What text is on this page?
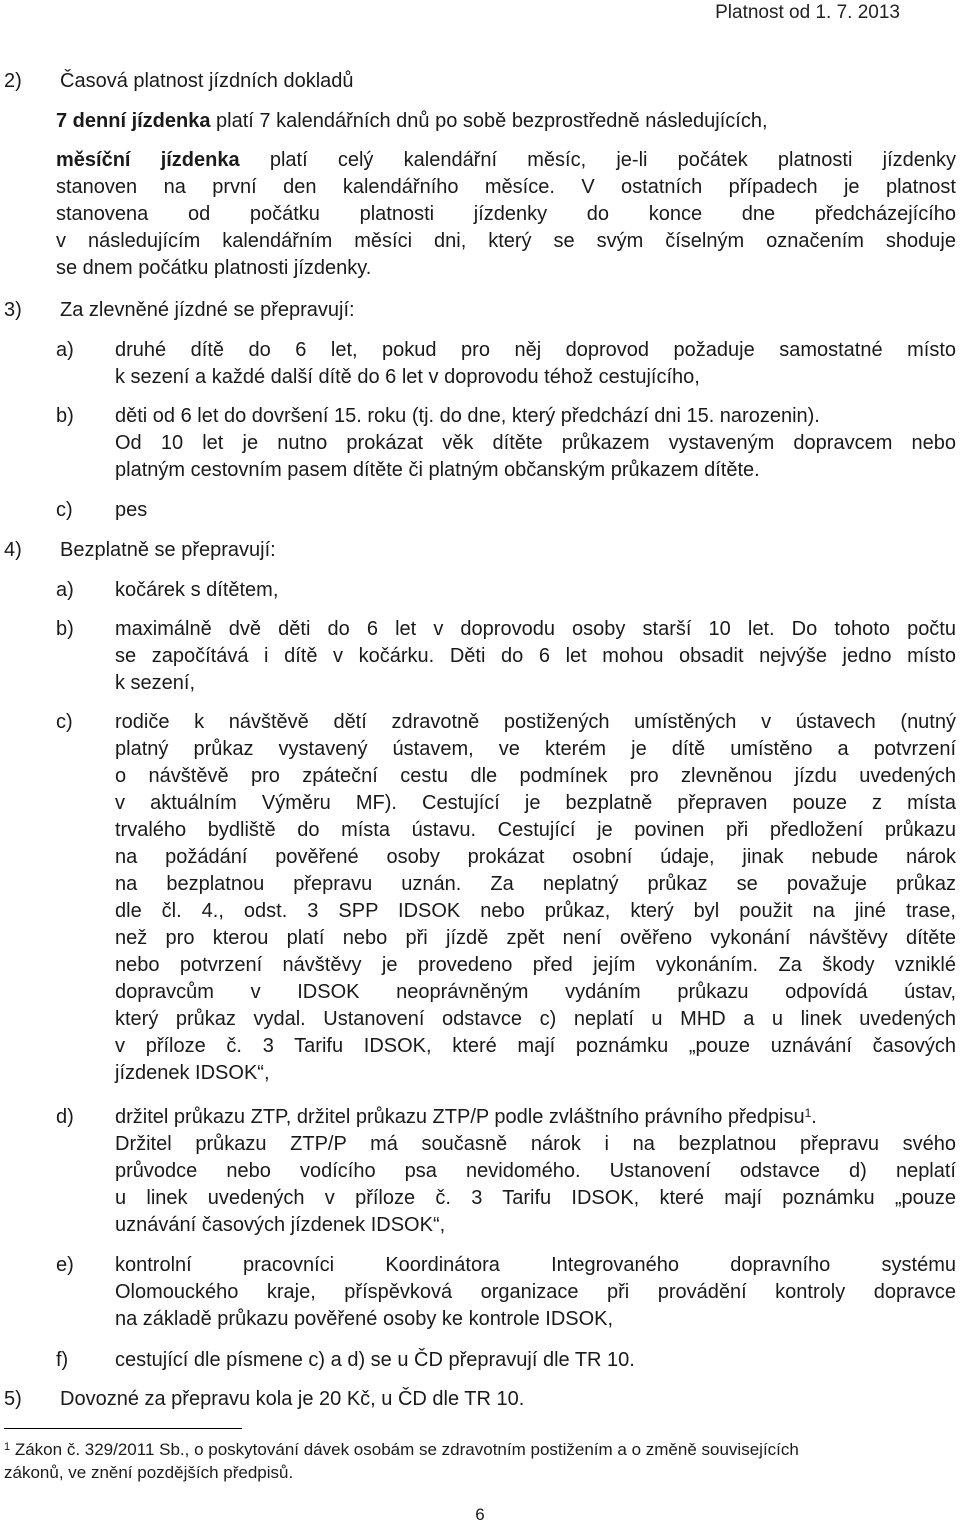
Platnost od 1. 7. 2013
2)	Časová platnost jízdních dokladů
7 denní jízdenka platí 7 kalendářních dnů po sobě bezprostředně následujících,
měsíční jízdenka platí celý kalendářní měsíc, je-li počátek platnosti jízdenky
stanoven na první den kalendářního měsíce. V ostatních případech je platnost
stanovena od počátku platnosti jízdenky do konce dne předcházejícího
v následujícím kalendářním měsíci dni, který se svým číselným označením shoduje
se dnem počátku platnosti jízdenky.
3)	Za zlevněné jízdné se přepravují:
a)	druhé dítě do 6 let, pokud pro něj doprovod požaduje samostatné místo
k sezení a každé další dítě do 6 let v doprovodu téhož cestujícího,
b)	děti od 6 let do dovršení 15. roku (tj. do dne, který předchází dni 15. narozenin).
Od 10 let je nutno prokázat věk dítěte průkazem vystaveným dopravcem nebo
platným cestovním pasem dítěte či platným občanským průkazem dítěte.
c)	pes
4)	Bezplatně se přepravují:
a)	kočárek s dítětem,
b)	maximálně dvě děti do 6 let v doprovodu osoby starší 10 let. Do tohoto počtu
se započítává i dítě v kočárku. Děti do 6 let mohou obsadit nejvýše jedno místo
k sezení,
c)	rodiče k návštěvě dětí zdravotně postižených umístěných v ústavech (nutný
platný průkaz vystavený ústavem, ve kterém je dítě umístěno a potvrzení
o návštěvě pro zpáteční cestu dle podmínek pro zlevněnou jízdu uvedených
v aktuálním Výměru MF). Cestující je bezplatně přepraven pouze z místa
trvalého bydliště do místa ústavu. Cestující je povinen při předložení průkazu
na požádání pověřené osoby prokázat osobní údaje, jinak nebude nárok
na bezplatnou přepravu uznán. Za neplatný průkaz se považuje průkaz
dle čl. 4., odst. 3 SPP IDSOK nebo průkaz, který byl použit na jiné trase,
než pro kterou platí nebo při jízdě zpět není ověřeno vykonání návštěvy dítěte
nebo potvrzení návštěvy je provedeno před jejím vykonáním. Za škody vzniklé
dopravcům v IDSOK neoprávněným vydáním průkazu odpovídá ústav,
který průkaz vydal. Ustanovení odstavce c) neplatí u MHD a u linek uvedených
v příloze č. 3 Tarifu IDSOK, které mají poznámku „pouze uznávání časových
jízdenek IDSOK“,
d)	držitel průkazu ZTP, držitel průkazu ZTP/P podle zvláštního právního předpisu$^1$.
Držitel průkazu ZTP/P má současně nárok i na bezplatnou přepravu svého
průvodce nebo vodícího psa nevidomého. Ustanovení odstavce d) neplatí
u linek uvedených v příloze č. 3 Tarifu IDSOK, které mají poznámku „pouze
uznávání časových jízdenek IDSOK“,
e)	kontrolní pracovníci Koordinátora Integrovaného dopravního systému
Olomouckého kraje, příspěvková organizace při provádění kontroly dopravce
na základě průkazu pověřené osoby ke kontrole IDSOK,
f)	cestující dle písmene c) a d) se u ČD přepravují dle TR 10.
5)	Dovozné za přepravu kola je 20 Kč, u ČD dle TR 10.
$^1$ Zákon č. 329/2011 Sb., o poskytování dávek osobám se zdravotním postižením a o změně souvisejících
zákonů, ve znění pozdějších předpisů.
6
